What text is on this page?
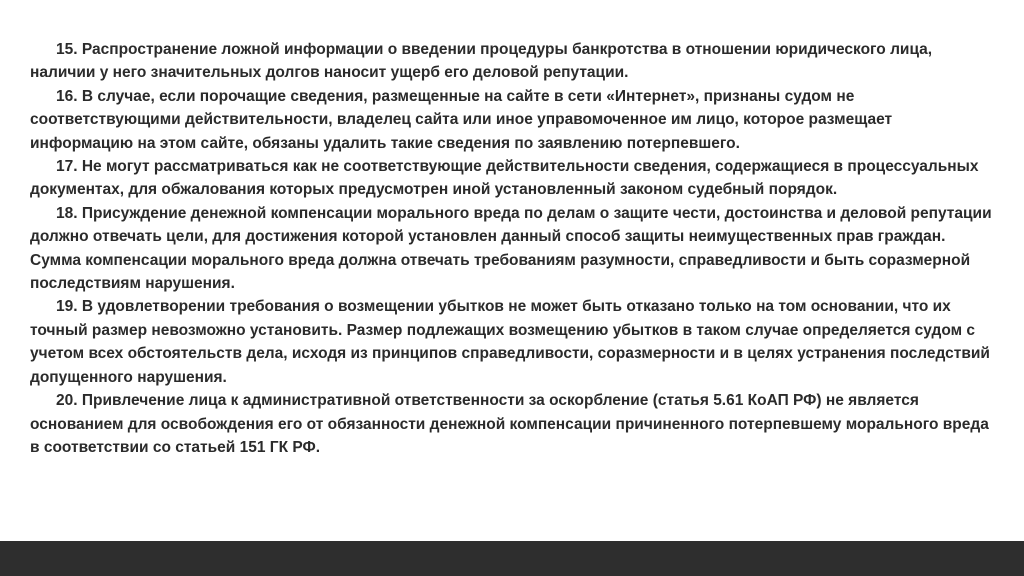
15. Распространение ложной информации о введении процедуры банкротства в отношении юридического лица, наличии у него значительных долгов наносит ущерб его деловой репутации.

16. В случае, если порочащие сведения, размещенные на сайте в сети «Интернет», признаны судом не соответствующими действительности, владелец сайта или иное управомоченное им лицо, которое размещает информацию на этом сайте, обязаны удалить такие сведения по заявлению потерпевшего.

17. Не могут рассматриваться как не соответствующие действительности сведения, содержащиеся в процессуальных документах, для обжалования которых предусмотрен иной установленный законом судебный порядок.

18. Присуждение денежной компенсации морального вреда по делам о защите чести, достоинства и деловой репутации должно отвечать цели, для достижения которой установлен данный способ защиты неимущественных прав граждан. Сумма компенсации морального вреда должна отвечать требованиям разумности, справедливости и быть соразмерной последствиям нарушения.

19. В удовлетворении требования о возмещении убытков не может быть отказано только на том основании, что их точный размер невозможно установить. Размер подлежащих возмещению убытков в таком случае определяется судом с учетом всех обстоятельств дела, исходя из принципов справедливости, соразмерности и в целях устранения последствий допущенного нарушения.

20. Привлечение лица к административной ответственности за оскорбление (статья 5.61 КоАП РФ) не является основанием для освобождения его от обязанности денежной компенсации причиненного потерпевшему морального вреда в соответствии со статьей 151 ГК РФ.
